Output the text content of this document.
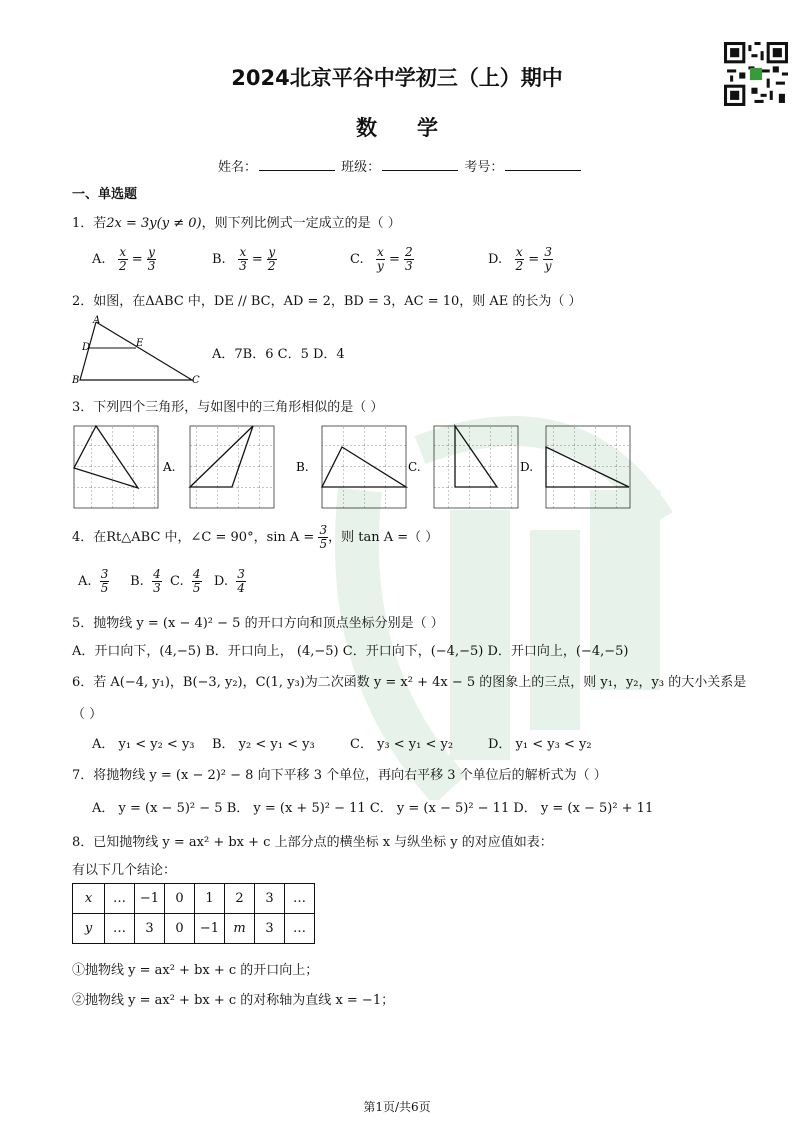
2024北京平谷中学初三（上）期中
数学
姓名：	班级：	考号：
一、单选题
1．若2x = 3y(y ≠ 0)，则下列比例式一定成立的是（ ）
A. $\frac{x}{2} = \frac{y}{3}$	B. $\frac{x}{3} = \frac{y}{2}$	C. $\frac{x}{y} = \frac{2}{3}$	D. $\frac{x}{2} = \frac{3}{y}$
2．如图，在ΔABC 中，DE // BC，AD = 2，BD = 3，AC = 10，则 AE 的长为（ ）
A
D	E
B	C
A．7B．6 C．5 D．4
3．下列四个三角形，与如图中的三角形相似的是（ ）
A.	B.	C.	D.
4．在Rt△ABC 中，∠C = 90°，$\sin A = \frac{3}{5}$ ，则 tan A =（ ）
A. $\frac{3}{5} B$. $\frac{4}{3} C$. $\frac{4}{5} D$. $\frac{3}{4}$
5．抛物线 y = (x − 4)² − 5 的开口方向和顶点坐标分别是（ ）
A．开口向下，(4,−5) B．开口向上， (4,−5) C．开口向下，(−4,−5) D．开口向上，(−4,−5)
6．若 A(−4, y₁)，B(−3, y₂)，C(1, y₃)为二次函数 y = x² + 4x − 5 的图象上的三点，则 y₁，y₂，y₃ 的大小关系是
（ ）
A． y₁ < y₂ < y₃ B． y₂ < y₁ < y₃	C． y₃ < y₁ < y₂	D． y₁ < y₃ < y₂
7．将抛物线 y = (x − 2)² − 8 向下平移 3 个单位，再向右平移 3 个单位后的解析式为（ ）
A． y = (x − 5)² − 5 B． y = (x + 5)² − 11 C． y = (x − 5)² − 11 D． y = (x − 5)² + 11
8．已知抛物线 y = ax² + bx + c 上部分点的横坐标 x 与纵坐标 y 的对应值如表：
有以下几个结论：
x	…	−1	0	1	2	3	…
y	…	3	0	−1	m	3	…
①抛物线 y = ax² + bx + c 的开口向上；
②抛物线 y = ax² + bx + c 的对称轴为直线 x = −1；
第1页/共6页
